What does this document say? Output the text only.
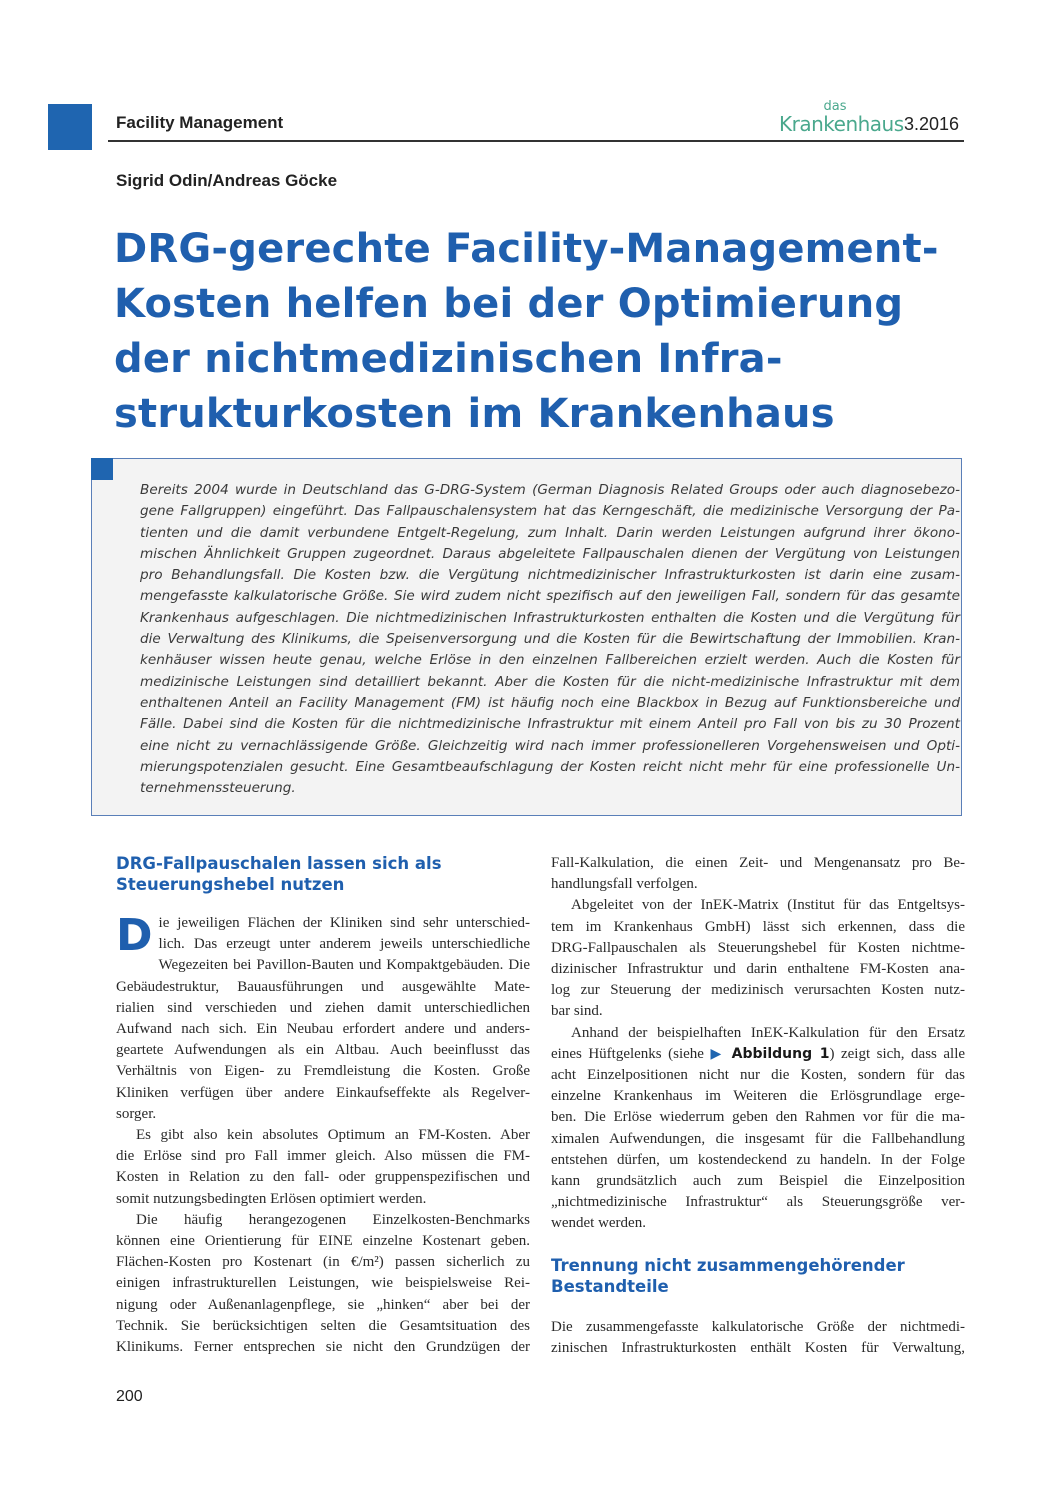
Facility Management
das
Krankenhaus 3.2016
Sigrid Odin/Andreas Göcke
DRG-gerechte Facility-Management-
Kosten helfen bei der Optimierung
der nichtmedizinischen Infra-
strukturkosten im Krankenhaus

Bereits 2004 wurde in Deutschland das G-DRG-System (German Diagnosis Related Groups oder auch diagnosebezo-
gene Fallgruppen) eingeführt. Das Fallpauschalensystem hat das Kerngeschäft, die medizinische Versorgung der Pa-
tienten und die damit verbundene Entgelt-Regelung, zum Inhalt. Darin werden Leistungen aufgrund ihrer ökono-
mischen Ähnlichkeit Gruppen zugeordnet. Daraus abgeleitete Fallpauschalen dienen der Vergütung von Leistungen
pro Behandlungsfall. Die Kosten bzw. die Vergütung nichtmedizinischer Infrastrukturkosten ist darin eine zusam-
mengefasste kalkulatorische Größe. Sie wird zudem nicht spezifisch auf den jeweiligen Fall, sondern für das gesamte
Krankenhaus aufgeschlagen. Die nichtmedizinischen Infrastrukturkosten enthalten die Kosten und die Vergütung für
die Verwaltung des Klinikums, die Speisenversorgung und die Kosten für die Bewirtschaftung der Immobilien. Kran-
kenhäuser wissen heute genau, welche Erlöse in den einzelnen Fallbereichen erzielt werden. Auch die Kosten für
medizinische Leistungen sind detailliert bekannt. Aber die Kosten für die nicht-medizinische Infrastruktur mit dem
enthaltenen Anteil an Facility Management (FM) ist häufig noch eine Blackbox in Bezug auf Funktionsbereiche und
Fälle. Dabei sind die Kosten für die nichtmedizinische Infrastruktur mit einem Anteil pro Fall von bis zu 30 Prozent
eine nicht zu vernachlässigende Größe. Gleichzeitig wird nach immer professionelleren Vorgehensweisen und Opti-
mierungspotenzialen gesucht. Eine Gesamtbeaufschlagung der Kosten reicht nicht mehr für eine professionelle Un-
ternehmenssteuerung.

DRG-Fallpauschalen lassen sich als
Steuerungshebel nutzen
D ie jeweiligen Flächen der Kliniken sind sehr unterschied-
lich. Das erzeugt unter anderem jeweils unterschiedliche
Wegezeiten bei Pavillon-Bauten und Kompaktgebäuden. Die
Gebäudestruktur, Bauausführungen und ausgewählte Mate-
rialien sind verschieden und ziehen damit unterschiedlichen
Aufwand nach sich. Ein Neubau erfordert andere und anders-
geartete Aufwendungen als ein Altbau. Auch beeinflusst das
Verhältnis von Eigen- zu Fremdleistung die Kosten. Große
Kliniken verfügen über andere Einkaufseffekte als Regelver-
sorger.
Es gibt also kein absolutes Optimum an FM-Kosten. Aber
die Erlöse sind pro Fall immer gleich. Also müssen die FM-
Kosten in Relation zu den fall- oder gruppenspezifischen und
somit nutzungsbedingten Erlösen optimiert werden.
Die häufig herangezogenen Einzelkosten-Benchmarks
können eine Orientierung für EINE einzelne Kostenart geben.
Flächen-Kosten pro Kostenart (in €/m²) passen sicherlich zu
einigen infrastrukturellen Leistungen, wie beispielsweise Rei-
nigung oder Außenanlagenpflege, sie „hinken“ aber bei der
Technik. Sie berücksichtigen selten die Gesamtsituation des
Klinikums. Ferner entsprechen sie nicht den Grundzügen der
Fall-Kalkulation, die einen Zeit- und Mengenansatz pro Be-
handlungsfall verfolgen.
Abgeleitet von der InEK-Matrix (Institut für das Entgeltsys-
tem im Krankenhaus GmbH) lässt sich erkennen, dass die
DRG-Fallpauschalen als Steuerungshebel für Kosten nichtme-
dizinischer Infrastruktur und darin enthaltene FM-Kosten ana-
log zur Steuerung der medizinisch verursachten Kosten nutz-
bar sind.
Anhand der beispielhaften InEK-Kalkulation für den Ersatz
eines Hüftgelenks (siehe ▶ Abbildung 1) zeigt sich, dass alle
acht Einzelpositionen nicht nur die Kosten, sondern für das
einzelne Krankenhaus im Weiteren die Erlösgrundlage erge-
ben. Die Erlöse wiederrum geben den Rahmen vor für die ma-
ximalen Aufwendungen, die insgesamt für die Fallbehandlung
entstehen dürfen, um kostendeckend zu handeln. In der Folge
kann grundsätzlich auch zum Beispiel die Einzelposition
„nichtmedizinische Infrastruktur“ als Steuerungsgröße ver-
wendet werden.
Trennung nicht zusammengehörender
Bestandteile
Die zusammengefasste kalkulatorische Größe der nichtmedi-
zinischen Infrastrukturkosten enthält Kosten für Verwaltung,
200
